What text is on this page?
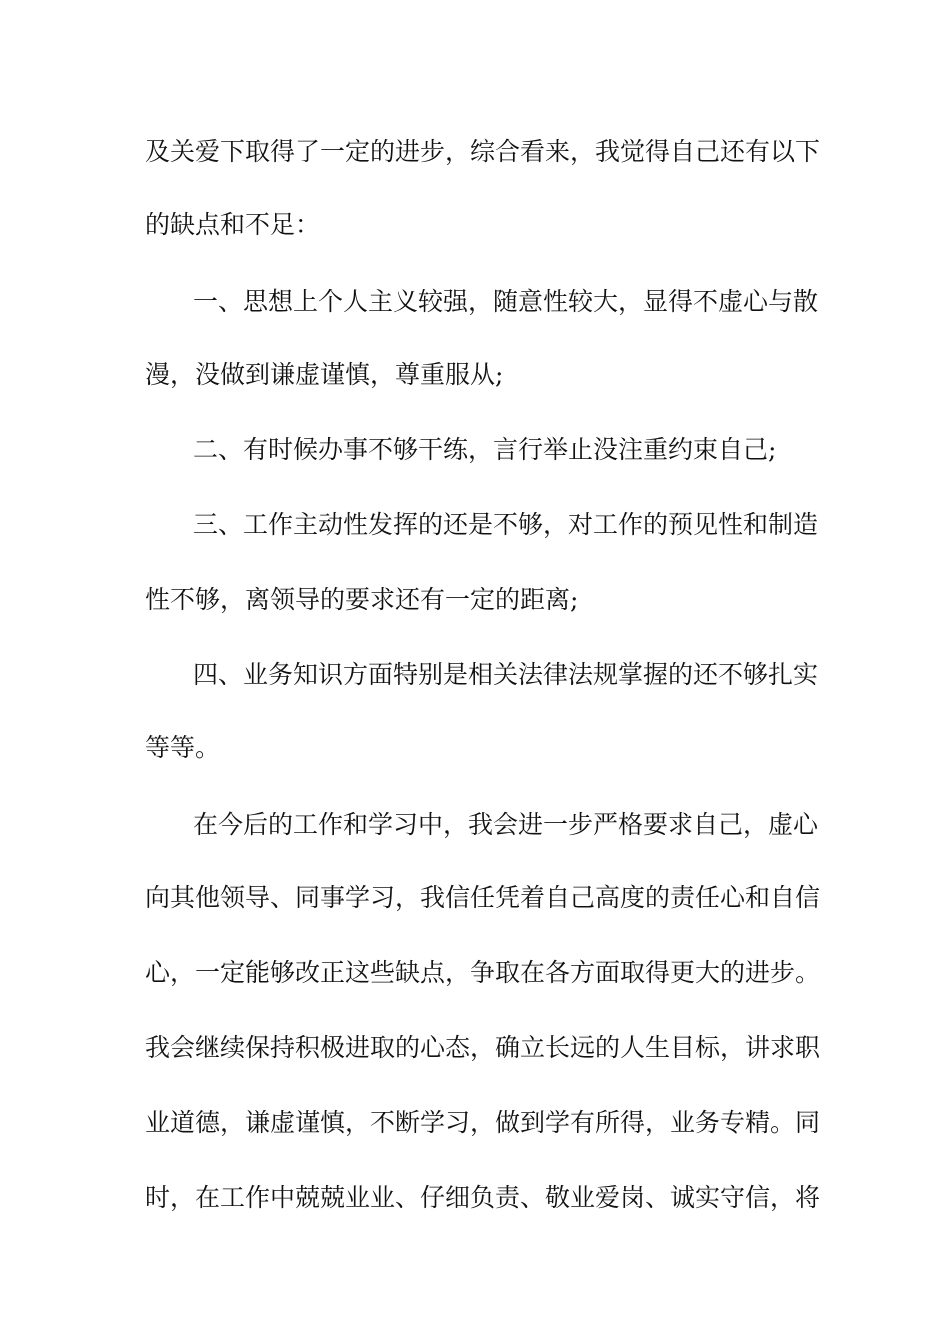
及关爱下取得了一定的进步，综合看来，我觉得自己还有以下
的缺点和不足：
一、思想上个人主义较强，随意性较大，显得不虚心与散
漫，没做到谦虚谨慎，尊重服从;
二、有时候办事不够干练，言行举止没注重约束自己;
三、工作主动性发挥的还是不够，对工作的预见性和制造
性不够，离领导的要求还有一定的距离;
四、业务知识方面特别是相关法律法规掌握的还不够扎实
等等。
在今后的工作和学习中，我会进一步严格要求自己，虚心
向其他领导、同事学习，我信任凭着自己高度的责任心和自信
心，一定能够改正这些缺点，争取在各方面取得更大的进步。
我会继续保持积极进取的心态，确立长远的人生目标，讲求职
业道德，谦虚谨慎，不断学习，做到学有所得，业务专精。同
时，在工作中兢兢业业、仔细负责、敬业爱岗、诚实守信，将
